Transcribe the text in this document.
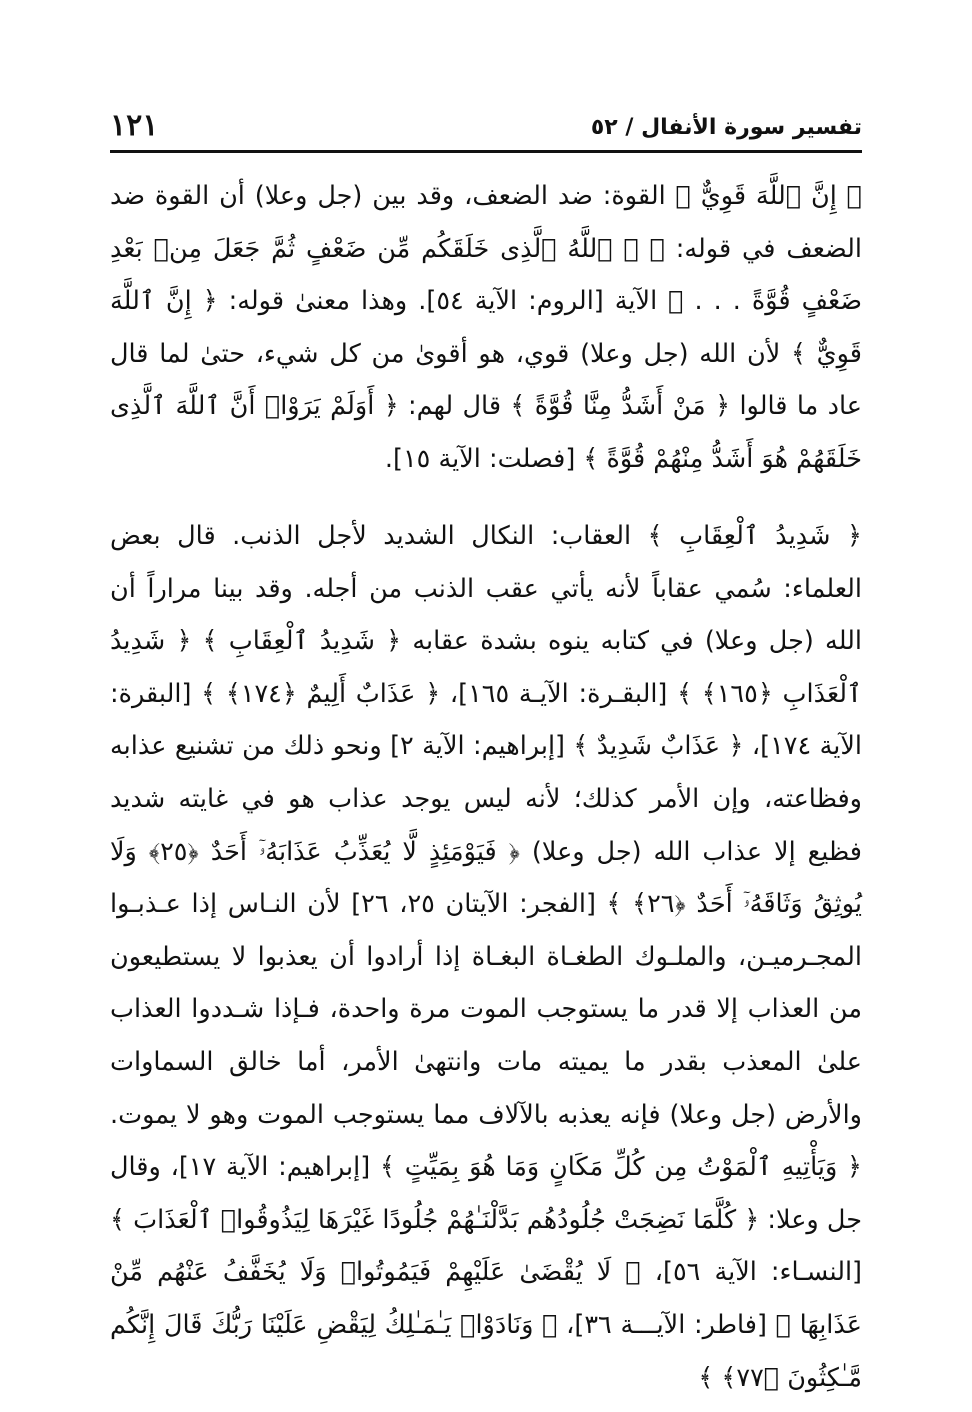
١٢١	تفسير سورة الأنفال / ٥٢

﴿ إِنَّ ٱللَّهَ قَوِيٌّ ﴾ القوة: ضد الضعف، وقد بين (جل وعلا) أن القوة ضد الضعف في قوله: ﴿ ۞ ٱللَّهُ ٱلَّذِى خَلَقَكُم مِّن ضَعْفٍ ثُمَّ جَعَلَ مِنۢ بَعْدِ ضَعْفٍ قُوَّةً . . . ﴾ الآية [الروم: الآية ٥٤]. وهذا معنىٰ قوله: ﴿ إِنَّ ٱللَّهَ قَوِيٌّ ﴾ لأن الله (جل وعلا) قوي، هو أقوىٰ من كل شيء، حتىٰ لما قال عاد ما قالوا ﴿ مَنْ أَشَدُّ مِنَّا قُوَّةً ﴾ قال لهم: ﴿ أَوَلَمْ يَرَوْا۟ أَنَّ ٱللَّهَ ٱلَّذِى خَلَقَهُمْ هُوَ أَشَدُّ مِنْهُمْ قُوَّةً ﴾ [فصلت: الآية ١٥].

﴿ شَدِيدُ ٱلْعِقَابِ ﴾ العقاب: النكال الشديد لأجل الذنب. قال بعض العلماء: سُمي عقاباً لأنه يأتي عقب الذنب من أجله. وقد بينا مراراً أن الله (جل وعلا) في كتابه ينوه بشدة عقابه ﴿ شَدِيدُ ٱلْعِقَابِ ﴾ ﴿ شَدِيدُ ٱلْعَذَابِ ﴿١٦٥﴾ ﴾ [البقـرة: الآيـة ١٦٥]، ﴿ عَذَابٌ أَلِيمٌ ﴿١٧٤﴾ ﴾ [البقرة: الآية ١٧٤]، ﴿ عَذَابٌ شَدِيدٌ ﴾ [إبراهيم: الآية ٢] ونحو ذلك من تشنيع عذابه وفظاعته، وإن الأمر كذلك؛ لأنه ليس يوجد عذاب هو في غايته شديد فظيع إلا عذاب الله (جل وعلا) ﴿ فَيَوْمَئِذٍ لَّا يُعَذِّبُ عَذَابَهُۥٓ أَحَدٌ ﴿٢٥﴾ وَلَا يُوثِقُ وَثَاقَهُۥٓ أَحَدٌ ﴿٢٦﴾ ﴾ [الفجر: الآيتان ٢٥، ٢٦] لأن النـاس إذا عـذبـوا المجـرميـن، والملـوك الطغـاة البغـاة إذا أرادوا أن يعذبوا لا يستطيعون من العذاب إلا قدر ما يستوجب الموت مرة واحدة، فـإذا شـددوا العذاب علىٰ المعذب بقدر ما يميته مات وانتهىٰ الأمر، أما خالق السماوات والأرض (جل وعلا) فإنه يعذبه بالآلاف مما يستوجب الموت وهو لا يموت. ﴿ وَيَأْتِيهِ ٱلْمَوْتُ مِن كُلِّ مَكَانٍ وَمَا هُوَ بِمَيِّتٍ ﴾ [إبراهيم: الآية ١٧]، وقال جل وعلا: ﴿ كُلَّمَا نَضِجَتْ جُلُودُهُم بَدَّلْنَـٰهُمْ جُلُودًا غَيْرَهَا لِيَذُوقُوا۟ ٱلْعَذَابَ ﴾ [النسـاء: الآية ٥٦]، ﴿ لَا يُقْضَىٰ عَلَيْهِمْ فَيَمُوتُوا۟ وَلَا يُخَفَّفُ عَنْهُم مِّنْ عَذَابِهَا ﴾ [فاطر: الآيـــة ٣٦]، ﴿ وَنَادَوْا۟ يَـٰمَـٰلِكُ لِيَقْضِ عَلَيْنَا رَبُّكَ قَالَ إِنَّكُم مَّـٰكِثُونَ ﴿٧٧﴾ ﴾
